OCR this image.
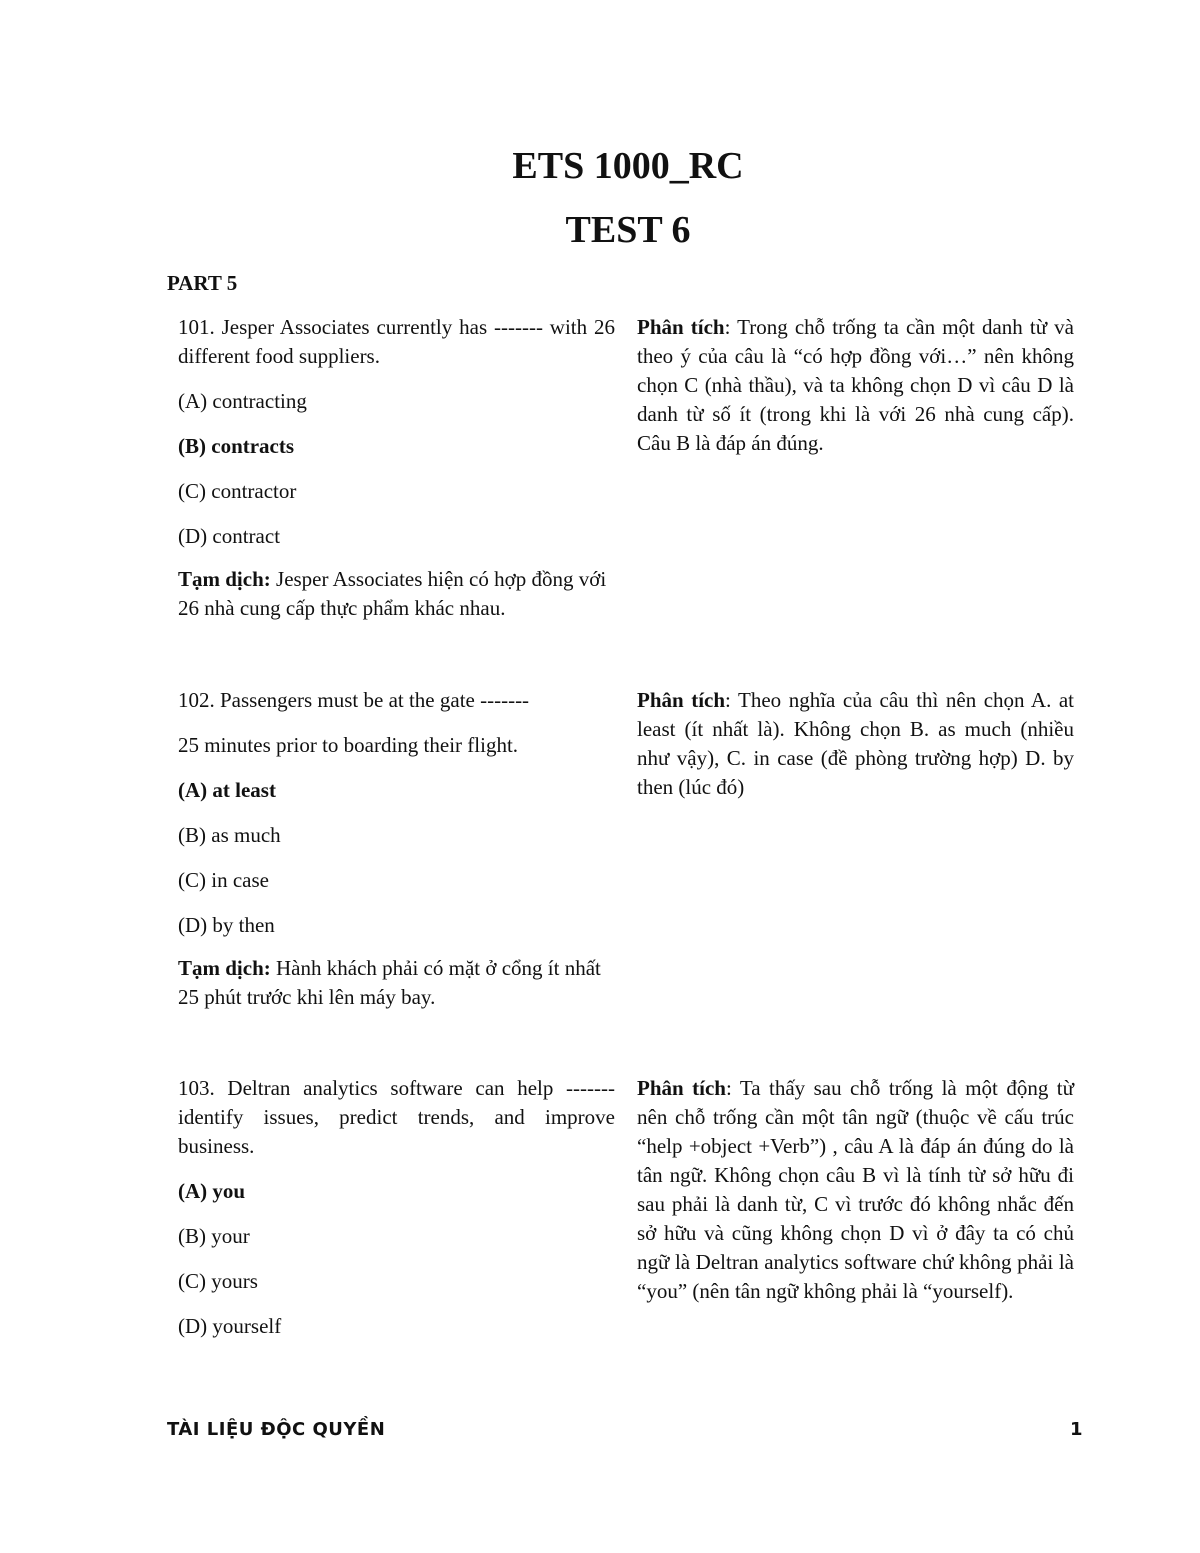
ETS 1000_RC
TEST 6
PART 5

101. Jesper Associates currently has ------- with 26 different food suppliers.

(A) contracting

(B) contracts

(C) contractor

(D) contract

Tạm dịch: Jesper Associates hiện có hợp đồng với 26 nhà cung cấp thực phẩm khác nhau.

Phân tích: Trong chỗ trống ta cần một danh từ và theo ý của câu là “có hợp đồng với…” nên không chọn C (nhà thầu), và ta không chọn D vì câu D là danh từ số ít (trong khi là với 26 nhà cung cấp). Câu B là đáp án đúng.

102. Passengers must be at the gate -------

25 minutes prior to boarding their flight.

(A) at least

(B) as much

(C) in case

(D) by then

Tạm dịch: Hành khách phải có mặt ở cổng ít nhất 25 phút trước khi lên máy bay.

Phân tích: Theo nghĩa của câu thì nên chọn A. at least (ít nhất là). Không chọn B. as much (nhiều như vậy), C. in case (đề phòng trường hợp) D. by then (lúc đó)

103. Deltran analytics software can help ------- identify issues, predict trends, and improve business.

(A) you

(B) your

(C) yours

(D) yourself

Phân tích: Ta thấy sau chỗ trống là một động từ nên chỗ trống cần một tân ngữ (thuộc về cấu trúc “help +object +Verb”) , câu A là đáp án đúng do là tân ngữ. Không chọn câu B vì là tính từ sở hữu đi sau phải là danh từ, C vì trước đó không nhắc đến sở hữu và cũng không chọn D vì ở đây ta có chủ ngữ là Deltran analytics software chứ không phải là “you” (nên tân ngữ không phải là “yourself).
TÀI LIỆU ĐỘC QUYỀN	1
